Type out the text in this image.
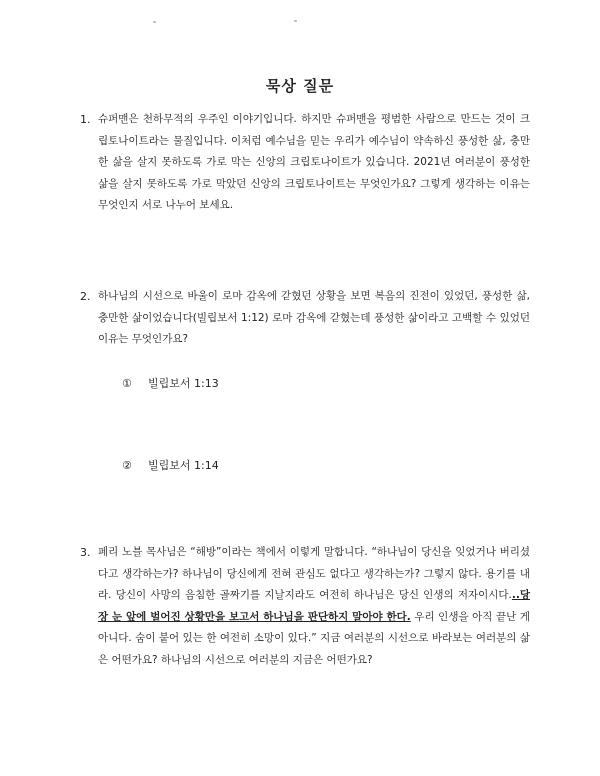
묵상 질문
1. 슈퍼맨은 천하무적의 우주인 이야기입니다. 하지만 슈퍼맨을 평범한 사람으로 만드는 것이 크립토나이트라는 물질입니다. 이처럼 예수님을 믿는 우리가 예수님이 약속하신 풍성한 삶, 충만한 삶을 살지 못하도록 가로 막는 신앙의 크립토나이트가 있습니다. 2021년 여러분이 풍성한 삶을 살지 못하도록 가로 막았던 신앙의 크립토나이트는 무엇인가요? 그렇게 생각하는 이유는 무엇인지 서로 나누어 보세요.
2. 하나님의 시선으로 바울이 로마 감옥에 갇혔던 상황을 보면 복음의 진전이 있었던, 풍성한 삶, 충만한 삶이었습니다(빌립보서 1:12) 로마 감옥에 갇혔는데 풍성한 삶이라고 고백할 수 있었던 이유는 무엇인가요?
① 빌립보서 1:13
② 빌립보서 1:14
3. 페리 노블 목사님은 “해방”이라는 책에서 이렇게 말합니다. “하나님이 당신을 잊었거나 버리셨다고 생각하는가? 하나님이 당신에게 전혀 관심도 없다고 생각하는가? 그렇지 않다. 용기를 내라. 당신이 사망의 음침한 골짜기를 지날지라도 여전히 하나님은 당신 인생의 저자이시다...당장 눈 앞에 벌어진 상황만을 보고서 하나님을 판단하지 말아야 한다. 우리 인생을 아직 끝난 게 아니다. 숨이 붙어 있는 한 여전히 소망이 있다.” 지금 여러분의 시선으로 바라보는 여러분의 삶은 어떤가요? 하나님의 시선으로 여러분의 지금은 어떤가요?
